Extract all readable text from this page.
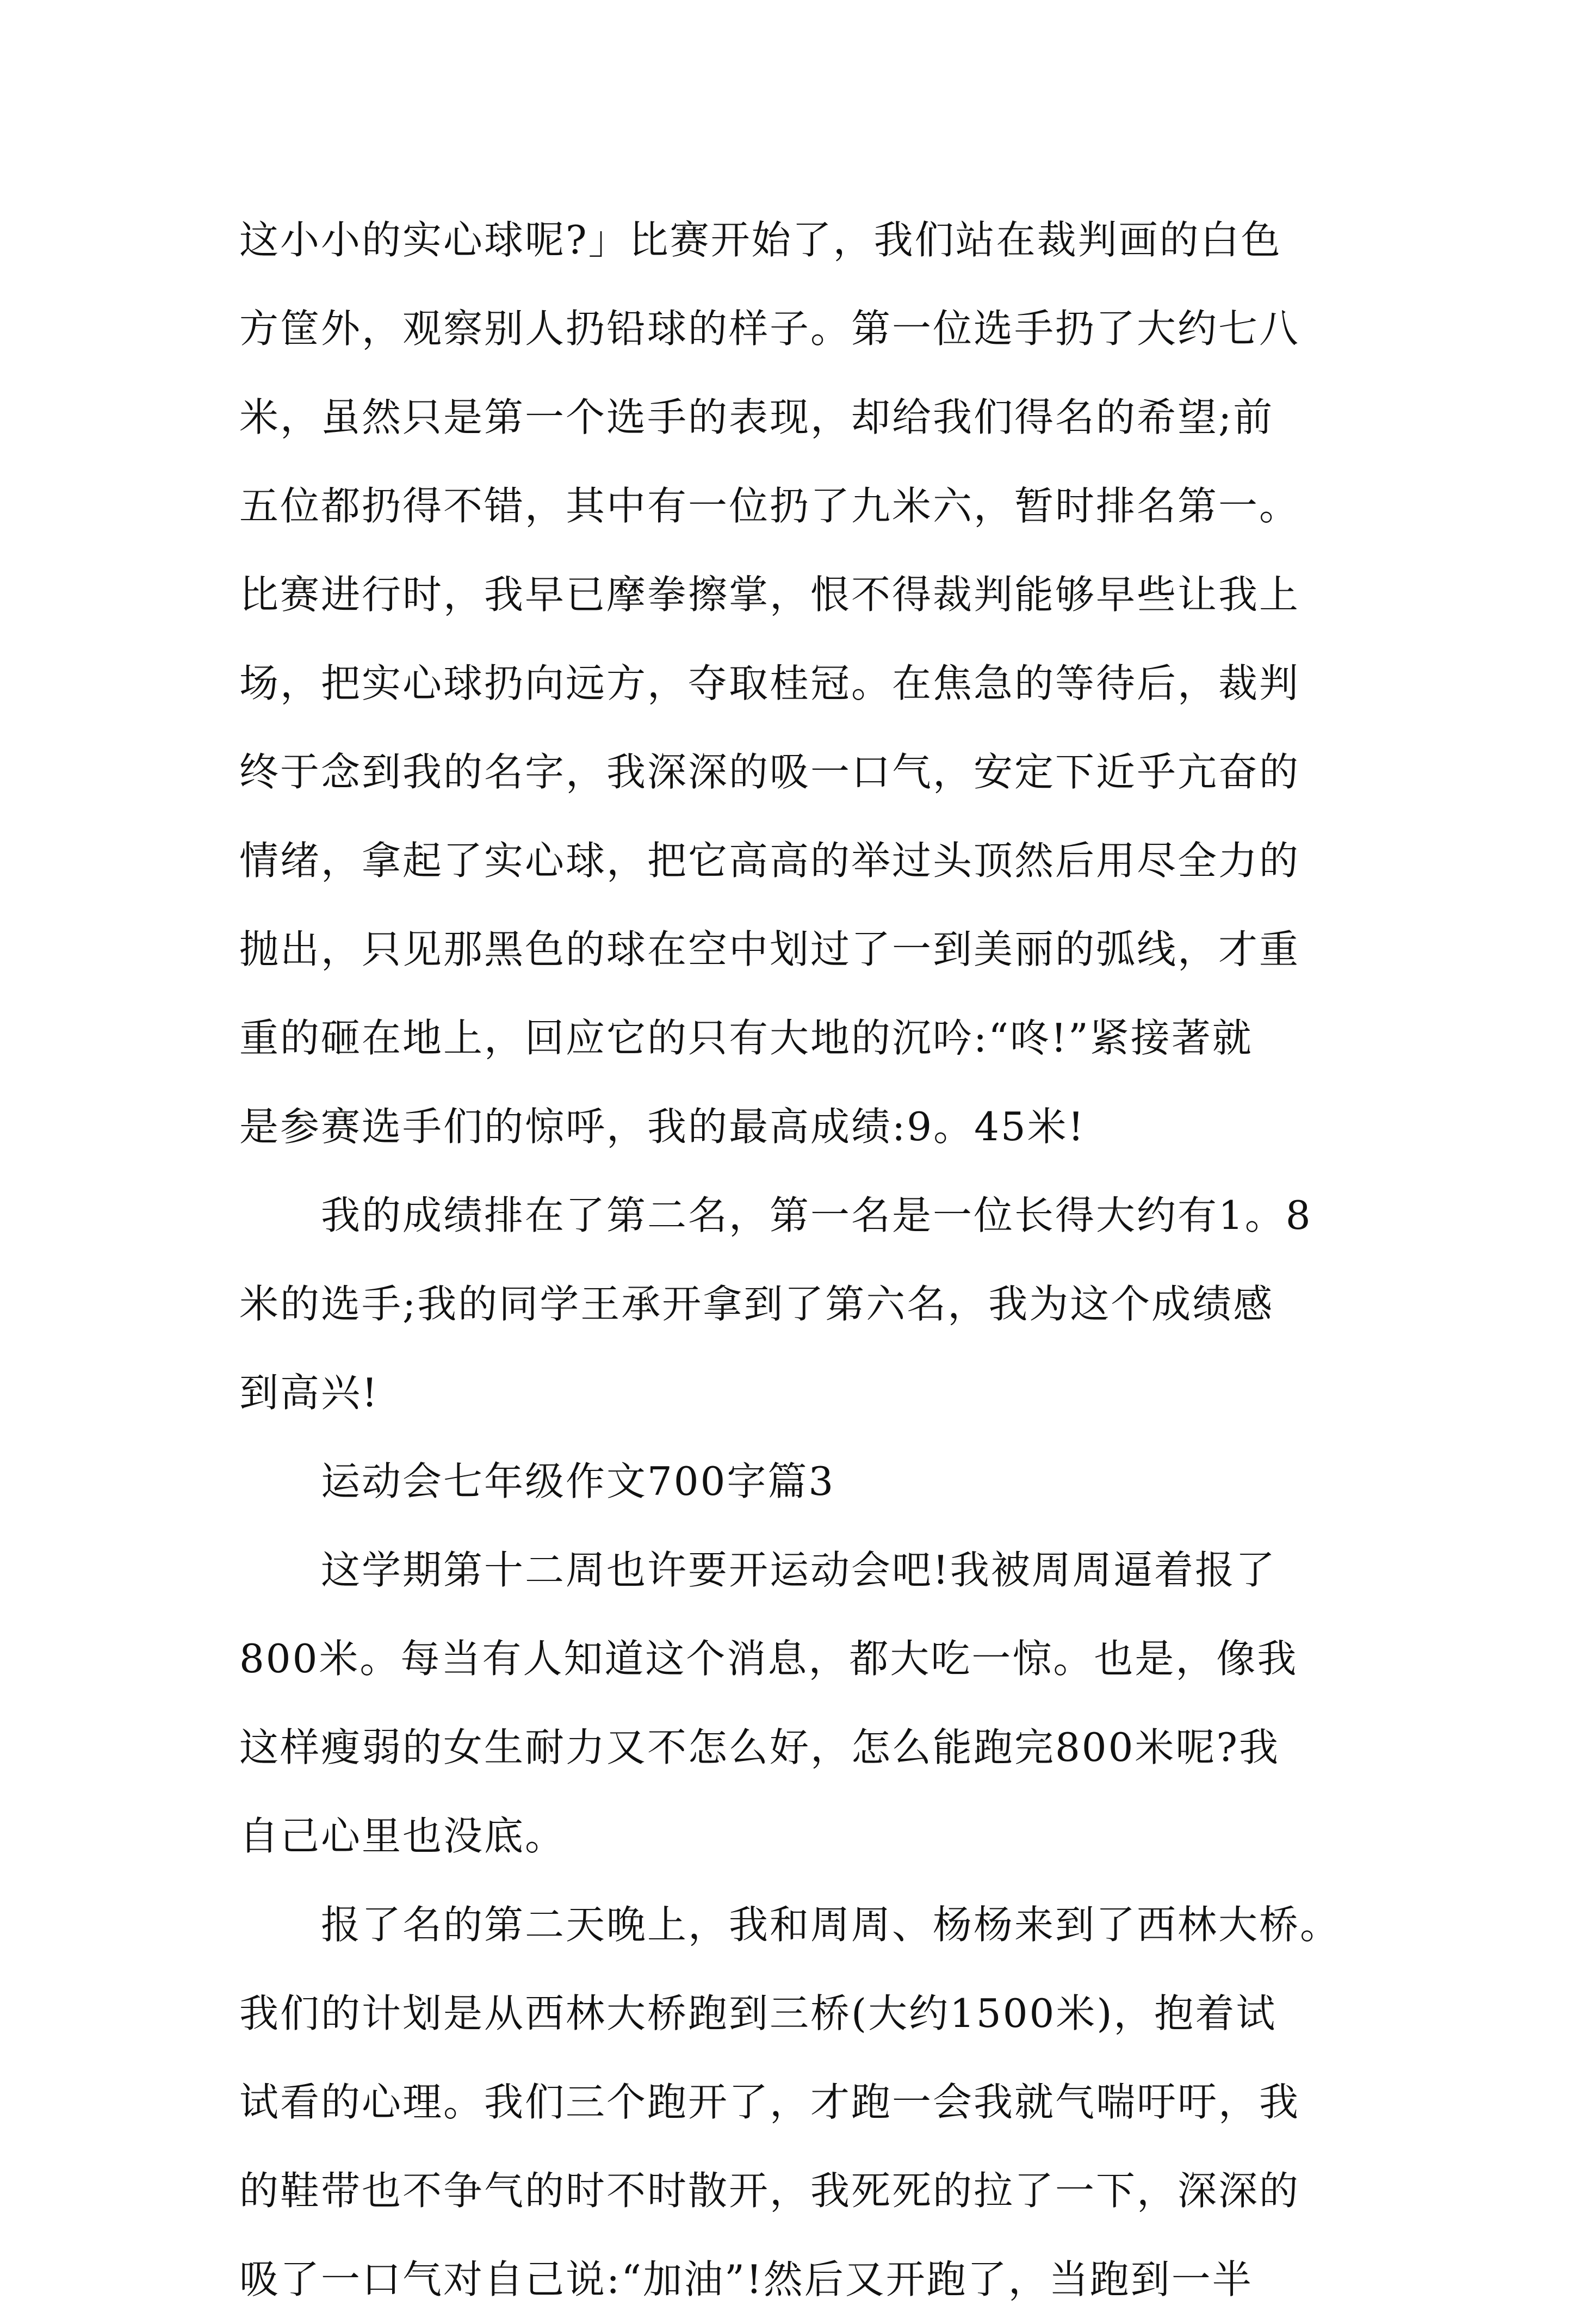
这小小的实心球呢?」比赛开始了，我们站在裁判画的白色
方筐外，观察别人扔铅球的样子。第一位选手扔了大约七八
米，虽然只是第一个选手的表现，却给我们得名的希望;前
五位都扔得不错，其中有一位扔了九米六，暂时排名第一。
比赛进行时，我早已摩拳擦掌，恨不得裁判能够早些让我上
场，把实心球扔向远方，夺取桂冠。在焦急的等待后，裁判
终于念到我的名字，我深深的吸一口气，安定下近乎亢奋的
情绪，拿起了实心球，把它高高的举过头顶然后用尽全力的
抛出，只见那黑色的球在空中划过了一到美丽的弧线，才重
重的砸在地上，回应它的只有大地的沉吟:“咚!”紧接著就
是参赛选手们的惊呼，我的最高成绩:9。45米!
我的成绩排在了第二名，第一名是一位长得大约有1。8
米的选手;我的同学王承开拿到了第六名，我为这个成绩感
到高兴!
运动会七年级作文700字篇3
这学期第十二周也许要开运动会吧!我被周周逼着报了
800米。每当有人知道这个消息，都大吃一惊。也是，像我
这样瘦弱的女生耐力又不怎么好，怎么能跑完800米呢?我
自己心里也没底。
报了名的第二天晚上，我和周周、杨杨来到了西林大桥。
我们的计划是从西林大桥跑到三桥(大约1500米)，抱着试
试看的心理。我们三个跑开了，才跑一会我就气喘吁吁，我
的鞋带也不争气的时不时散开，我死死的拉了一下，深深的
吸了一口气对自己说:“加油”!然后又开跑了，当跑到一半
